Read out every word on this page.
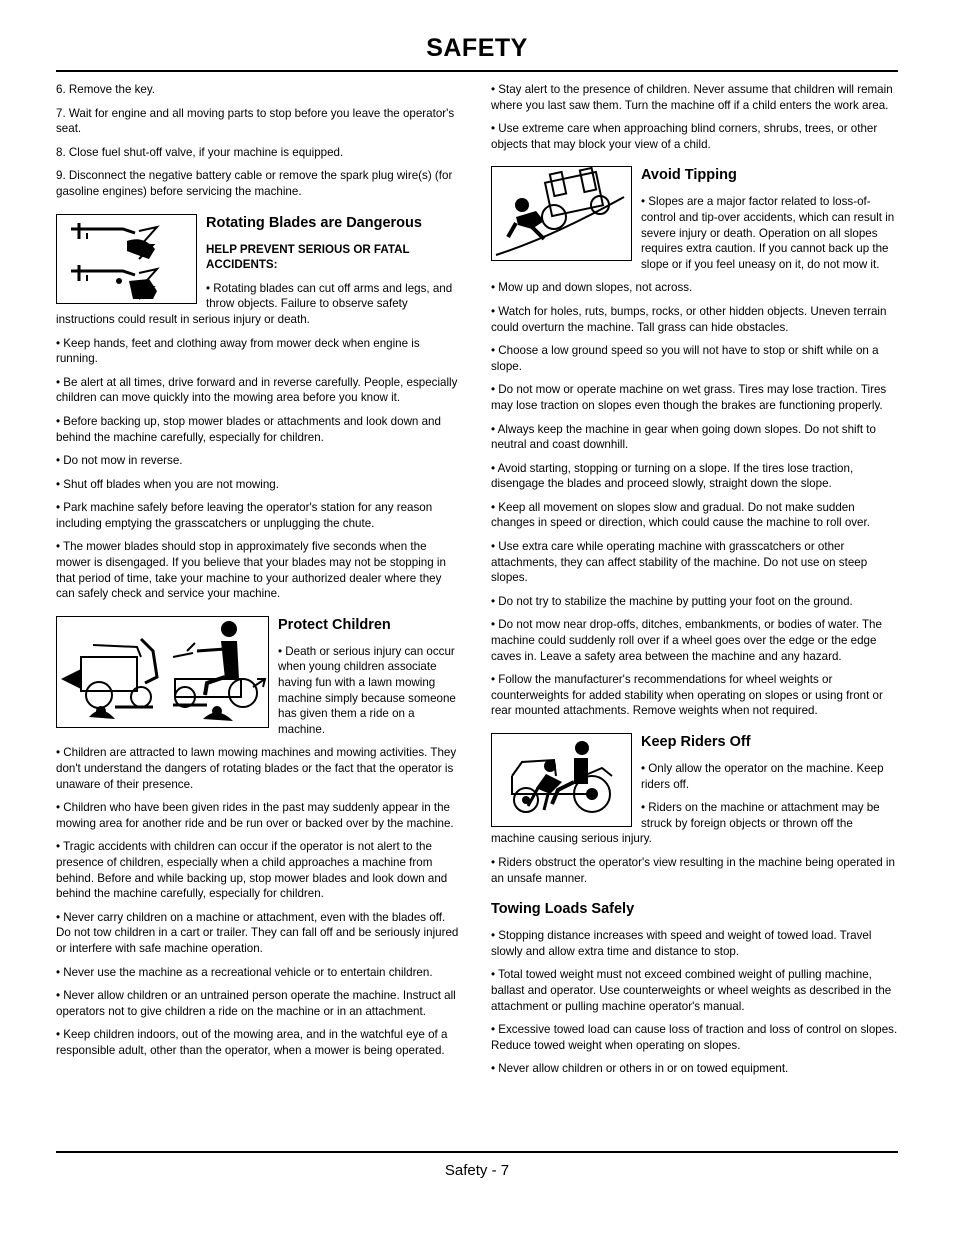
SAFETY

6. Remove the key.

7. Wait for engine and all moving parts to stop before you leave the operator's seat.

8. Close fuel shut-off valve, if your machine is equipped.

9. Disconnect the negative battery cable or remove the spark plug wire(s) (for gasoline engines) before servicing the machine.

Rotating Blades are Dangerous
HELP PREVENT SERIOUS OR FATAL ACCIDENTS:

• Rotating blades can cut off arms and legs, and throw objects. Failure to observe safety instructions could result in serious injury or death.

• Keep hands, feet and clothing away from mower deck when engine is running.

• Be alert at all times, drive forward and in reverse carefully. People, especially children can move quickly into the mowing area before you know it.

• Before backing up, stop mower blades or attachments and look down and behind the machine carefully, especially for children.

• Do not mow in reverse.

• Shut off blades when you are not mowing.

• Park machine safely before leaving the operator's station for any reason including emptying the grasscatchers or unplugging the chute.

• The mower blades should stop in approximately five seconds when the mower is disengaged. If you believe that your blades may not be stopping in that period of time, take your machine to your authorized dealer where they can safely check and service your machine.

Protect Children

• Death or serious injury can occur when young children associate having fun with a lawn mowing machine simply because someone has given them a ride on a machine.

• Children are attracted to lawn mowing machines and mowing activities. They don't understand the dangers of rotating blades or the fact that the operator is unaware of their presence.

• Children who have been given rides in the past may suddenly appear in the mowing area for another ride and be run over or backed over by the machine.

• Tragic accidents with children can occur if the operator is not alert to the presence of children, especially when a child approaches a machine from behind. Before and while backing up, stop mower blades and look down and behind the machine carefully, especially for children.

• Never carry children on a machine or attachment, even with the blades off. Do not tow children in a cart or trailer. They can fall off and be seriously injured or interfere with safe machine operation.

• Never use the machine as a recreational vehicle or to entertain children.

• Never allow children or an untrained person operate the machine. Instruct all operators not to give children a ride on the machine or in an attachment.

• Keep children indoors, out of the mowing area, and in the watchful eye of a responsible adult, other than the operator, when a mower is being operated.

• Stay alert to the presence of children. Never assume that children will remain where you last saw them. Turn the machine off if a child enters the work area.

• Use extreme care when approaching blind corners, shrubs, trees, or other objects that may block your view of a child.

Avoid Tipping

• Slopes are a major factor related to loss-of-control and tip-over accidents, which can result in severe injury or death. Operation on all slopes requires extra caution. If you cannot back up the slope or if you feel uneasy on it, do not mow it.

• Mow up and down slopes, not across.

• Watch for holes, ruts, bumps, rocks, or other hidden objects. Uneven terrain could overturn the machine. Tall grass can hide obstacles.

• Choose a low ground speed so you will not have to stop or shift while on a slope.

• Do not mow or operate machine on wet grass. Tires may lose traction. Tires may lose traction on slopes even though the brakes are functioning properly.

• Always keep the machine in gear when going down slopes. Do not shift to neutral and coast downhill.

• Avoid starting, stopping or turning on a slope. If the tires lose traction, disengage the blades and proceed slowly, straight down the slope.

• Keep all movement on slopes slow and gradual. Do not make sudden changes in speed or direction, which could cause the machine to roll over.

• Use extra care while operating machine with grasscatchers or other attachments, they can affect stability of the machine. Do not use on steep slopes.

• Do not try to stabilize the machine by putting your foot on the ground.

• Do not mow near drop-offs, ditches, embankments, or bodies of water. The machine could suddenly roll over if a wheel goes over the edge or the edge caves in. Leave a safety area between the machine and any hazard.

• Follow the manufacturer's recommendations for wheel weights or counterweights for added stability when operating on slopes or using front or rear mounted attachments. Remove weights when not required.

Keep Riders Off

• Only allow the operator on the machine. Keep riders off.

• Riders on the machine or attachment may be struck by foreign objects or thrown off the machine causing serious injury.

• Riders obstruct the operator's view resulting in the machine being operated in an unsafe manner.

Towing Loads Safely

• Stopping distance increases with speed and weight of towed load. Travel slowly and allow extra time and distance to stop.

• Total towed weight must not exceed combined weight of pulling machine, ballast and operator. Use counterweights or wheel weights as described in the attachment or pulling machine operator's manual.

• Excessive towed load can cause loss of traction and loss of control on slopes. Reduce towed weight when operating on slopes.

• Never allow children or others in or on towed equipment.

Safety - 7
